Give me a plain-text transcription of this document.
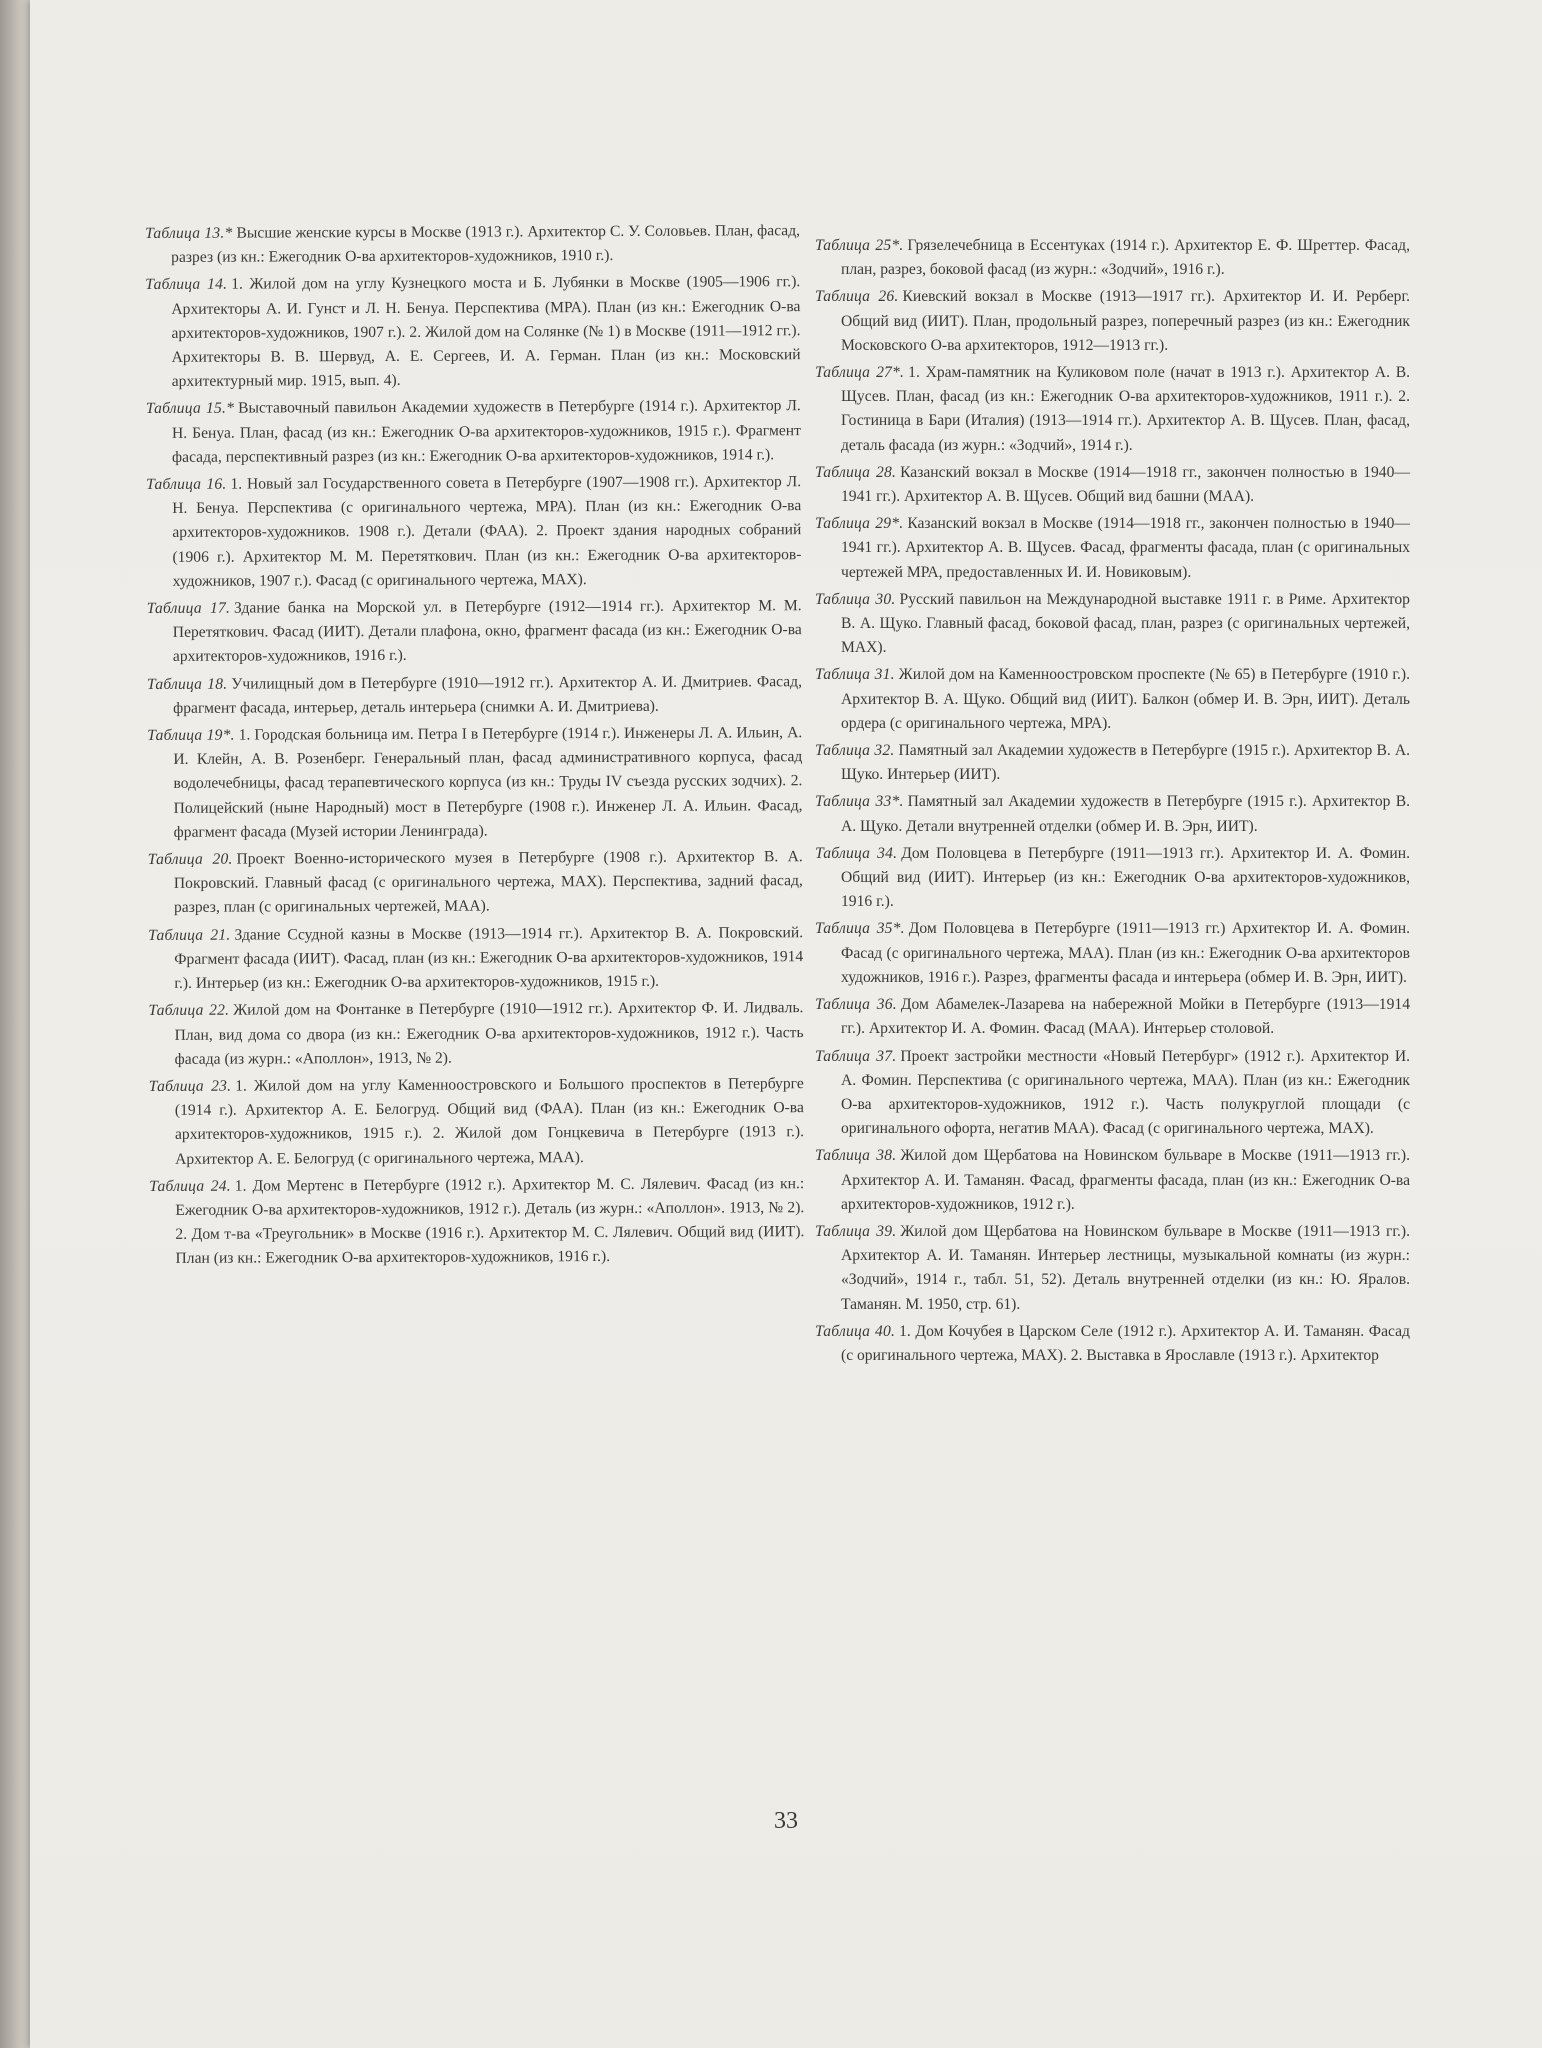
Таблица 13.* Высшие женские курсы в Москве (1913 г.). Архитектор С. У. Соловьев. План, фасад, разрез (из кн.: Ежегодник О-ва архитекторов-художников, 1910 г.).

Таблица 14. 1. Жилой дом на углу Кузнецкого моста и Б. Лубянки в Москве (1905—1906 гг.). Архитекторы А. И. Гунст и Л. Н. Бенуа. Перспектива (МРА). План (из кн.: Ежегодник О-ва архитекторов-художников, 1907 г.). 2. Жилой дом на Солянке (№ 1) в Москве (1911—1912 гг.). Архитекторы В. В. Шервуд, А. Е. Сергеев, И. А. Герман. План (из кн.: Московский архитектурный мир. 1915, вып. 4).

Таблица 15.* Выставочный павильон Академии художеств в Петербурге (1914 г.). Архитектор Л. Н. Бенуа. План, фасад (из кн.: Ежегодник О-ва архитекторов-художников, 1915 г.). Фрагмент фасада, перспективный разрез (из кн.: Ежегодник О-ва архитекторов-художников, 1914 г.).

Таблица 16. 1. Новый зал Государственного совета в Петербурге (1907—1908 гг.). Архитектор Л. Н. Бенуа. Перспектива (с оригинального чертежа, МРА). План (из кн.: Ежегодник О-ва архитекторов-художников. 1908 г.). Детали (ФАА). 2. Проект здания народных собраний (1906 г.). Архитектор М. М. Перетяткович. План (из кн.: Ежегодник О-ва архитекторов-художников, 1907 г.). Фасад (с оригинального чертежа, МАХ).

Таблица 17. Здание банка на Морской ул. в Петербурге (1912—1914 гг.). Архитектор М. М. Перетяткович. Фасад (ИИТ). Детали плафона, окно, фрагмент фасада (из кн.: Ежегодник О-ва архитекторов-художников, 1916 г.).

Таблица 18. Училищный дом в Петербурге (1910—1912 гг.). Архитектор А. И. Дмитриев. Фасад, фрагмент фасада, интерьер, деталь интерьера (снимки А. И. Дмитриева).

Таблица 19*. 1. Городская больница им. Петра I в Петербурге (1914 г.). Инженеры Л. А. Ильин, А. И. Клейн, А. В. Розенберг. Генеральный план, фасад административного корпуса, фасад водолечебницы, фасад терапевтического корпуса (из кн.: Труды IV съезда русских зодчих). 2. Полицейский (ныне Народный) мост в Петербурге (1908 г.). Инженер Л. А. Ильин. Фасад, фрагмент фасада (Музей истории Ленинграда).

Таблица 20. Проект Военно-исторического музея в Петербурге (1908 г.). Архитектор В. А. Покровский. Главный фасад (с оригинального чертежа, МАХ). Перспектива, задний фасад, разрез, план (с оригинальных чертежей, МАА).

Таблица 21. Здание Ссудной казны в Москве (1913—1914 гг.). Архитектор В. А. Покровский. Фрагмент фасада (ИИТ). Фасад, план (из кн.: Ежегодник О-ва архитекторов-художников, 1914 г.). Интерьер (из кн.: Ежегодник О-ва архитекторов-художников, 1915 г.).

Таблица 22. Жилой дом на Фонтанке в Петербурге (1910—1912 гг.). Архитектор Ф. И. Лидваль. План, вид дома со двора (из кн.: Ежегодник О-ва архитекторов-художников, 1912 г.). Часть фасада (из журн.: «Аполлон», 1913, № 2).

Таблица 23. 1. Жилой дом на углу Каменноостровского и Большого проспектов в Петербурге (1914 г.). Архитектор А. Е. Белогруд. Общий вид (ФАА). План (из кн.: Ежегодник О-ва архитекторов-художников, 1915 г.). 2. Жилой дом Гонцкевича в Петербурге (1913 г.). Архитектор А. Е. Белогруд (с оригинального чертежа, МАА).

Таблица 24. 1. Дом Мертенс в Петербурге (1912 г.). Архитектор М. С. Лялевич. Фасад (из кн.: Ежегодник О-ва архитекторов-художников, 1912 г.). Деталь (из журн.: «Аполлон». 1913, № 2). 2. Дом т-ва «Треугольник» в Москве (1916 г.). Архитектор М. С. Лялевич. Общий вид (ИИТ). План (из кн.: Ежегодник О-ва архитекторов-художников, 1916 г.).

Таблица 25*. Грязелечебница в Ессентуках (1914 г.). Архитектор Е. Ф. Шреттер. Фасад, план, разрез, боковой фасад (из журн.: «Зодчий», 1916 г.).

Таблица 26. Киевский вокзал в Москве (1913—1917 гг.). Архитектор И. И. Рерберг. Общий вид (ИИТ). План, продольный разрез, поперечный разрез (из кн.: Ежегодник Московского О-ва архитекторов, 1912—1913 гг.).

Таблица 27*. 1. Храм-памятник на Куликовом поле (начат в 1913 г.). Архитектор А. В. Щусев. План, фасад (из кн.: Ежегодник О-ва архитекторов-художников, 1911 г.). 2. Гостиница в Бари (Италия) (1913—1914 гг.). Архитектор А. В. Щусев. План, фасад, деталь фасада (из журн.: «Зодчий», 1914 г.).

Таблица 28. Казанский вокзал в Москве (1914—1918 гг., закончен полностью в 1940—1941 гг.). Архитектор А. В. Щусев. Общий вид башни (МАА).

Таблица 29*. Казанский вокзал в Москве (1914—1918 гг., закончен полностью в 1940—1941 гг.). Архитектор А. В. Щусев. Фасад, фрагменты фасада, план (с оригинальных чертежей МРА, предоставленных И. И. Новиковым).

Таблица 30. Русский павильон на Международной выставке 1911 г. в Риме. Архитектор В. А. Щуко. Главный фасад, боковой фасад, план, разрез (с оригинальных чертежей, МАХ).

Таблица 31. Жилой дом на Каменноостровском проспекте (№ 65) в Петербурге (1910 г.). Архитектор В. А. Щуко. Общий вид (ИИТ). Балкон (обмер И. В. Эрн, ИИТ). Деталь ордера (с оригинального чертежа, МРА).

Таблица 32. Памятный зал Академии художеств в Петербурге (1915 г.). Архитектор В. А. Щуко. Интерьер (ИИТ).

Таблица 33*. Памятный зал Академии художеств в Петербурге (1915 г.). Архитектор В. А. Щуко. Детали внутренней отделки (обмер И. В. Эрн, ИИТ).

Таблица 34. Дом Половцева в Петербурге (1911—1913 гг.). Архитектор И. А. Фомин. Общий вид (ИИТ). Интерьер (из кн.: Ежегодник О-ва архитекторов-художников, 1916 г.).

Таблица 35*. Дом Половцева в Петербурге (1911—1913 гг.) Архитектор И. А. Фомин. Фасад (с оригинального чертежа, МАА). План (из кн.: Ежегодник О-ва архитекторов художников, 1916 г.). Разрез, фрагменты фасада и интерьера (обмер И. В. Эрн, ИИТ).

Таблица 36. Дом Абамелек-Лазарева на набережной Мойки в Петербурге (1913—1914 гг.). Архитектор И. А. Фомин. Фасад (МАА). Интерьер столовой.

Таблица 37. Проект застройки местности «Новый Петербург» (1912 г.). Архитектор И. А. Фомин. Перспектива (с оригинального чертежа, МАА). План (из кн.: Ежегодник О-ва архитекторов-художников, 1912 г.). Часть полукруглой площади (с оригинального офорта, негатив МАА). Фасад (с оригинального чертежа, МАХ).

Таблица 38. Жилой дом Щербатова на Новинском бульваре в Москве (1911—1913 гг.). Архитектор А. И. Таманян. Фасад, фрагменты фасада, план (из кн.: Ежегодник О-ва архитекторов-художников, 1912 г.).

Таблица 39. Жилой дом Щербатова на Новинском бульваре в Москве (1911—1913 гг.). Архитектор А. И. Таманян. Интерьер лестницы, музыкальной комнаты (из журн.: «Зодчий», 1914 г., табл. 51, 52). Деталь внутренней отделки (из кн.: Ю. Яралов. Таманян. М. 1950, стр. 61).

Таблица 40. 1. Дом Кочубея в Царском Селе (1912 г.). Архитектор А. И. Таманян. Фасад (с оригинального чертежа, МАХ). 2. Выставка в Ярославле (1913 г.). Архитектор

33
